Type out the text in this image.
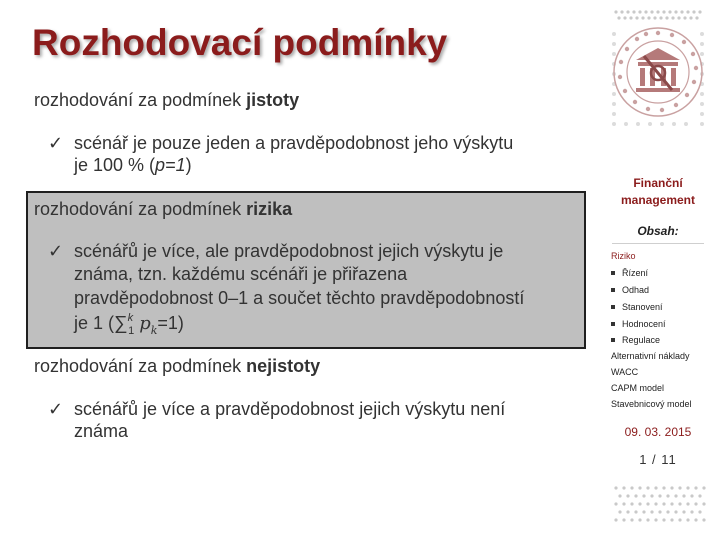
Rozhodovací podmínky
rozhodování za podmínek jistoty
✓ scénář je pouze jeden a pravděpodobnost jeho výskytu
je 100 % (p=1)
rozhodování za podmínek rizika
✓ scénářů je více, ale pravděpodobnost jejich výskytu je
známa, tzn. každému scénáři je přiřazena
pravděpodobnost 0–1 a součet těchto pravděpodobností
je 1 (∑$^k_1$ $p_k=1$)
rozhodování za podmínek nejistoty
✓ scénářů je více a pravděpodobnost jejich výskytu není
známa
Finanční
management
Obsah:
Riziko
Řízení
Odhad
Stanovení
Hodnocení
Regulace
Alternativní náklady
WACC
CAPM model
Stavebnicový model
09. 03. 2015
1 / 11
